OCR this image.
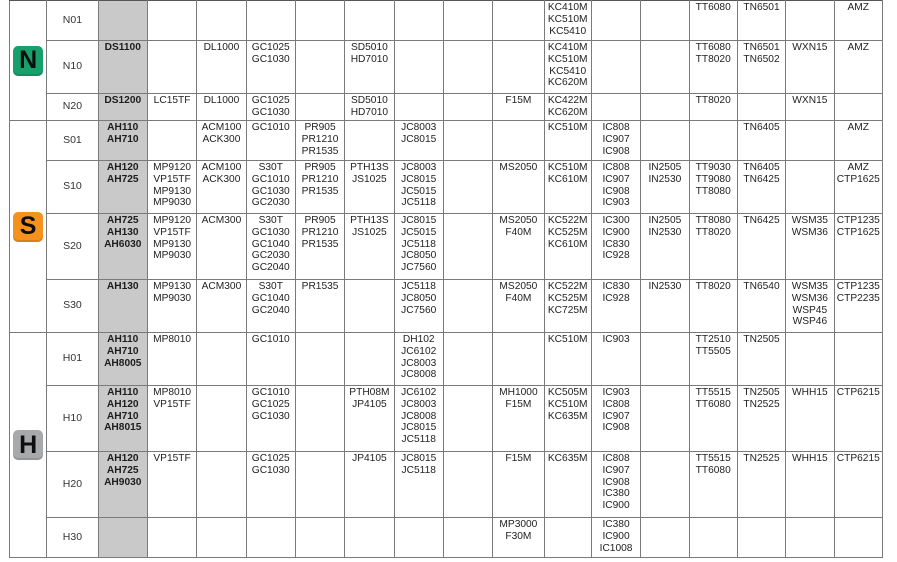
N	N01										KC410M
KC510M
KC5410			TT6080	TN6501		AMZ

	N10	DS1100		DL1000	GC1025
GC1030		SD5010
HD7010				KC410M
KC510M
KC5410
KC620M			TT6080
TT8020	TN6501
TN6502	WXN15	AMZ

	N20	DS1200	LC15TF	DL1000	GC1025
GC1030		SD5010
HD7010			F15M	KC422M
KC620M			TT8020		WXN15	

S	S01	AH110
AH710		ACM100
ACK300	GC1010	PR905
PR1210
PR1535		JC8003
JC8015			KC510M	IC808
IC907
IC908			TN6405		AMZ

	S10	AH120
AH725	MP9120
VP15TF
MP9130
MP9030	ACM100
ACK300	S30T
GC1010
GC1030
GC2030	PR905
PR1210
PR1535	PTH13S
JS1025	JC8003
JC8015
JC5015
JC5118		MS2050	KC510M
KC610M	IC808
IC907
IC908
IC903	IN2505
IN2530	TT9030
TT9080
TT8080	TN6405
TN6425		AMZ
CTP1625

	S20	AH725
AH130
AH6030	MP9120
VP15TF
MP9130
MP9030	ACM300	S30T
GC1030
GC1040
GC2030
GC2040	PR905
PR1210
PR1535	PTH13S
JS1025	JC8015
JC5015
JC5118
JC8050
JC7560		MS2050
F40M	KC522M
KC525M
KC610M	IC300
IC900
IC830
IC928	IN2505
IN2530	TT8080
TT8020	TN6425	WSM35
WSM36	CTP1235
CTP1625

	S30	AH130	MP9130
MP9030	ACM300	S30T
GC1040
GC2040	PR1535		JC5118
JC8050
JC7560		MS2050
F40M	KC522M
KC525M
KC725M	IC830
IC928	IN2530	TT8020	TN6540	WSM35
WSM36
WSP45
WSP46	CTP1235
CTP2235

H	H01	AH110
AH710
AH8005	MP8010		GC1010			DH102
JC6102
JC8003
JC8008			KC510M	IC903		TT2510
TT5505	TN2505		

	H10	AH110
AH120
AH710
AH8015	MP8010
VP15TF		GC1010
GC1025
GC1030		PTH08M
JP4105	JC6102
JC8003
JC8008
JC8015
JC5118		MH1000
F15M	KC505M
KC510M
KC635M	IC903
IC808
IC907
IC908		TT5515
TT6080	TN2505
TN2525	WHH15	CTP6215

	H20	AH120
AH725
AH9030	VP15TF		GC1025
GC1030		JP4105	JC8015
JC5118		F15M	KC635M	IC808
IC907
IC908
IC380
IC900		TT5515
TT6080	TN2525	WHH15	CTP6215

	H30									MP3000
F30M		IC380
IC900
IC1008					
